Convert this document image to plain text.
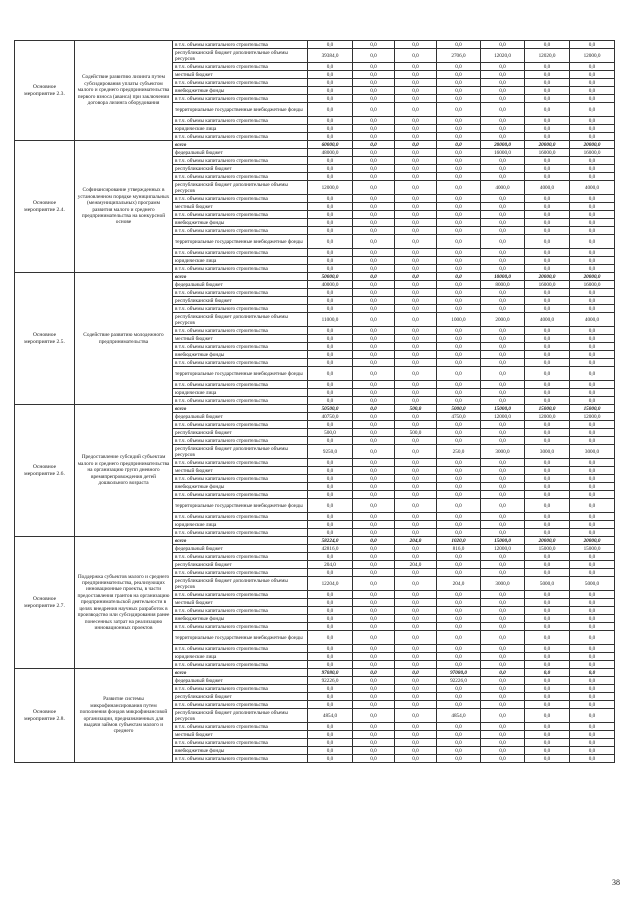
Основное мероприятие 2.3.	Содействие развитию лизинга путем субсидирования уплаты субъектом малого и среднего предпринимательства первого взноса (аванса) при заключении договора лизинга оборудования	в т.ч. объемы капитального строительства	0,0	0,0	0,0	0,0	0,0	0,0	0,0
		республиканский бюджет дополнительные объемы ресурсов	39384,0	0,0	0,0	2706,0	12020,0	12020,0	12000,0
		в т.ч. объемы капитального строительства	0,0	0,0	0,0	0,0	0,0	0,0	0,0
		местный бюджет	0,0	0,0	0,0	0,0	0,0	0,0	0,0
		в т.ч. объемы капитального строительства	0,0	0,0	0,0	0,0	0,0	0,0	0,0
		внебюджетные фонды	0,0	0,0	0,0	0,0	0,0	0,0	0,0
		в т.ч. объемы капитального строительства	0,0	0,0	0,0	0,0	0,0	0,0	0,0
		территориальные государственные внебюджетные фонды	0,0	0,0	0,0	0,0	0,0	0,0	0,0
		в т.ч. объемы капитального строительства	0,0	0,0	0,0	0,0	0,0	0,0	0,0
		юридические лица	0,0	0,0	0,0	0,0	0,0	0,0	0,0
		в т.ч. объемы капитального строительства	0,0	0,0	0,0	0,0	0,0	0,0	0,0
Основное мероприятие 2.4.	Софинансирование утвержденных в установленном порядке муниципальных (межмуниципальных) программ развития малого и среднего предпринимательства на конкурсной основе	всего	60000,0	0,0	0,0	0,0	20000,0	20000,0	20000,0
		федеральный бюджет	48000,0	0,0	0,0	0,0	16000,0	16000,0	16000,0
		в т.ч. объемы капитального строительства	0,0	0,0	0,0	0,0	0,0	0,0	0,0
		республиканский бюджет	0,0	0,0	0,0	0,0	0,0	0,0	0,0
		в т.ч. объемы капитального строительства	0,0	0,0	0,0	0,0	0,0	0,0	0,0
		республиканский бюджет дополнительные объемы ресурсов	12000,0	0,0	0,0	0,0	4000,0	4000,0	4000,0
		в т.ч. объемы капитального строительства	0,0	0,0	0,0	0,0	0,0	0,0	0,0
		местный бюджет	0,0	0,0	0,0	0,0	0,0	0,0	0,0
		в т.ч. объемы капитального строительства	0,0	0,0	0,0	0,0	0,0	0,0	0,0
		внебюджетные фонды	0,0	0,0	0,0	0,0	0,0	0,0	0,0
		в т.ч. объемы капитального строительства	0,0	0,0	0,0	0,0	0,0	0,0	0,0
		территориальные государственные внебюджетные фонды	0,0	0,0	0,0	0,0	0,0	0,0	0,0
		в т.ч. объемы капитального строительства	0,0	0,0	0,0	0,0	0,0	0,0	0,0
		юридические лица	0,0	0,0	0,0	0,0	0,0	0,0	0,0
		в т.ч. объемы капитального строительства	0,0	0,0	0,0	0,0	0,0	0,0	0,0
Основное мероприятие 2.5.	Содействие развитию молодежного предпринимательства	всего	50000,0	0,0	0,0	0,0	10000,0	20000,0	20000,0
		федеральный бюджет	40000,0	0,0	0,0	0,0	8000,0	16000,0	16000,0
		в т.ч. объемы капитального строительства	0,0	0,0	0,0	0,0	0,0	0,0	0,0
		республиканский бюджет	0,0	0,0	0,0	0,0	0,0	0,0	0,0
		в т.ч. объемы капитального строительства	0,0	0,0	0,0	0,0	0,0	0,0	0,0
		республиканский бюджет дополнительные объемы ресурсов	11000,0	0,0	0,0	1000,0	2000,0	4000,0	4000,0
		в т.ч. объемы капитального строительства	0,0	0,0	0,0	0,0	0,0	0,0	0,0
		местный бюджет	0,0	0,0	0,0	0,0	0,0	0,0	0,0
		в т.ч. объемы капитального строительства	0,0	0,0	0,0	0,0	0,0	0,0	0,0
		внебюджетные фонды	0,0	0,0	0,0	0,0	0,0	0,0	0,0
		в т.ч. объемы капитального строительства	0,0	0,0	0,0	0,0	0,0	0,0	0,0
		территориальные государственные внебюджетные фонды	0,0	0,0	0,0	0,0	0,0	0,0	0,0
		в т.ч. объемы капитального строительства	0,0	0,0	0,0	0,0	0,0	0,0	0,0
		юридические лица	0,0	0,0	0,0	0,0	0,0	0,0	0,0
		в т.ч. объемы капитального строительства	0,0	0,0	0,0	0,0	0,0	0,0	0,0
Основное мероприятие 2.6.	Предоставление субсидий субъектам малого и среднего предпринимательства на организацию групп дневного времяпрепровождения детей дошкольного возраста	всего	50500,0	0,0	500,0	5000,0	15000,0	15000,0	15000,0
		федеральный бюджет	40750,0	0,0	0,0	4750,0	12000,0	12000,0	12000,0
		в т.ч. объемы капитального строительства	0,0	0,0	0,0	0,0	0,0	0,0	0,0
		республиканский бюджет	500,0	0,0	500,0	0,0	0,0	0,0	0,0
		в т.ч. объемы капитального строительства	0,0	0,0	0,0	0,0	0,0	0,0	0,0
		республиканский бюджет дополнительные объемы ресурсов	9250,0	0,0	0,0	250,0	3000,0	3000,0	3000,0
		в т.ч. объемы капитального строительства	0,0	0,0	0,0	0,0	0,0	0,0	0,0
		местный бюджет	0,0	0,0	0,0	0,0	0,0	0,0	0,0
		в т.ч. объемы капитального строительства	0,0	0,0	0,0	0,0	0,0	0,0	0,0
		внебюджетные фонды	0,0	0,0	0,0	0,0	0,0	0,0	0,0
		в т.ч. объемы капитального строительства	0,0	0,0	0,0	0,0	0,0	0,0	0,0
		территориальные государственные внебюджетные фонды	0,0	0,0	0,0	0,0	0,0	0,0	0,0
		в т.ч. объемы капитального строительства	0,0	0,0	0,0	0,0	0,0	0,0	0,0
		юридические лица	0,0	0,0	0,0	0,0	0,0	0,0	0,0
		в т.ч. объемы капитального строительства	0,0	0,0	0,0	0,0	0,0	0,0	0,0
Основное мероприятие 2.7.	Поддержка субъектов малого и среднего предпринимательства, реализующих инновационные проекты, в части предоставления грантов на организацию предпринимательской деятельности в целях внедрения научных разработок в производство или субсидирования ранее понесенных затрат на реализацию инновационных проектов	всего	58224,0	0,0	204,0	1020,0	15000,0	20000,0	20000,0
		федеральный бюджет	42816,0	0,0	0,0	816,0	12000,0	15000,0	15000,0
		в т.ч. объемы капитального строительства	0,0	0,0	0,0	0,0	0,0	0,0	0,0
		республиканский бюджет	204,0	0,0	204,0	0,0	0,0	0,0	0,0
		в т.ч. объемы капитального строительства	0,0	0,0	0,0	0,0	0,0	0,0	0,0
		республиканский бюджет дополнительные объемы ресурсов	12204,0	0,0	0,0	204,0	3000,0	5000,0	5000,0
		в т.ч. объемы капитального строительства	0,0	0,0	0,0	0,0	0,0	0,0	0,0
		местный бюджет	0,0	0,0	0,0	0,0	0,0	0,0	0,0
		в т.ч. объемы капитального строительства	0,0	0,0	0,0	0,0	0,0	0,0	0,0
		внебюджетные фонды	0,0	0,0	0,0	0,0	0,0	0,0	0,0
		в т.ч. объемы капитального строительства	0,0	0,0	0,0	0,0	0,0	0,0	0,0
		территориальные государственные внебюджетные фонды	0,0	0,0	0,0	0,0	0,0	0,0	0,0
		в т.ч. объемы капитального строительства	0,0	0,0	0,0	0,0	0,0	0,0	0,0
		юридические лица	0,0	0,0	0,0	0,0	0,0	0,0	0,0
		в т.ч. объемы капитального строительства	0,0	0,0	0,0	0,0	0,0	0,0	0,0
Основное мероприятие 2.8.	Развитие системы микрофинансирования путем пополнения фондов микрофинансовой организации, предназначенных для выдачи займов субъектам малого и среднего	всего	97080,0	0,0	0,0	97080,0	0,0	0,0	0,0
		федеральный бюджет	92226,0	0,0	0,0	92226,0	0,0	0,0	0,0
		в т.ч. объемы капитального строительства	0,0	0,0	0,0	0,0	0,0	0,0	0,0
		республиканский бюджет	0,0	0,0	0,0	0,0	0,0	0,0	0,0
		в т.ч. объемы капитального строительства	0,0	0,0	0,0	0,0	0,0	0,0	0,0
		республиканский бюджет дополнительные объемы ресурсов	4854,0	0,0	0,0	4854,0	0,0	0,0	0,0
		в т.ч. объемы капитального строительства	0,0	0,0	0,0	0,0	0,0	0,0	0,0
		местный бюджет	0,0	0,0	0,0	0,0	0,0	0,0	0,0
		в т.ч. объемы капитального строительства	0,0	0,0	0,0	0,0	0,0	0,0	0,0
		внебюджетные фонды	0,0	0,0	0,0	0,0	0,0	0,0	0,0
		в т.ч. объемы капитального строительства	0,0	0,0	0,0	0,0	0,0	0,0	0,0
38
